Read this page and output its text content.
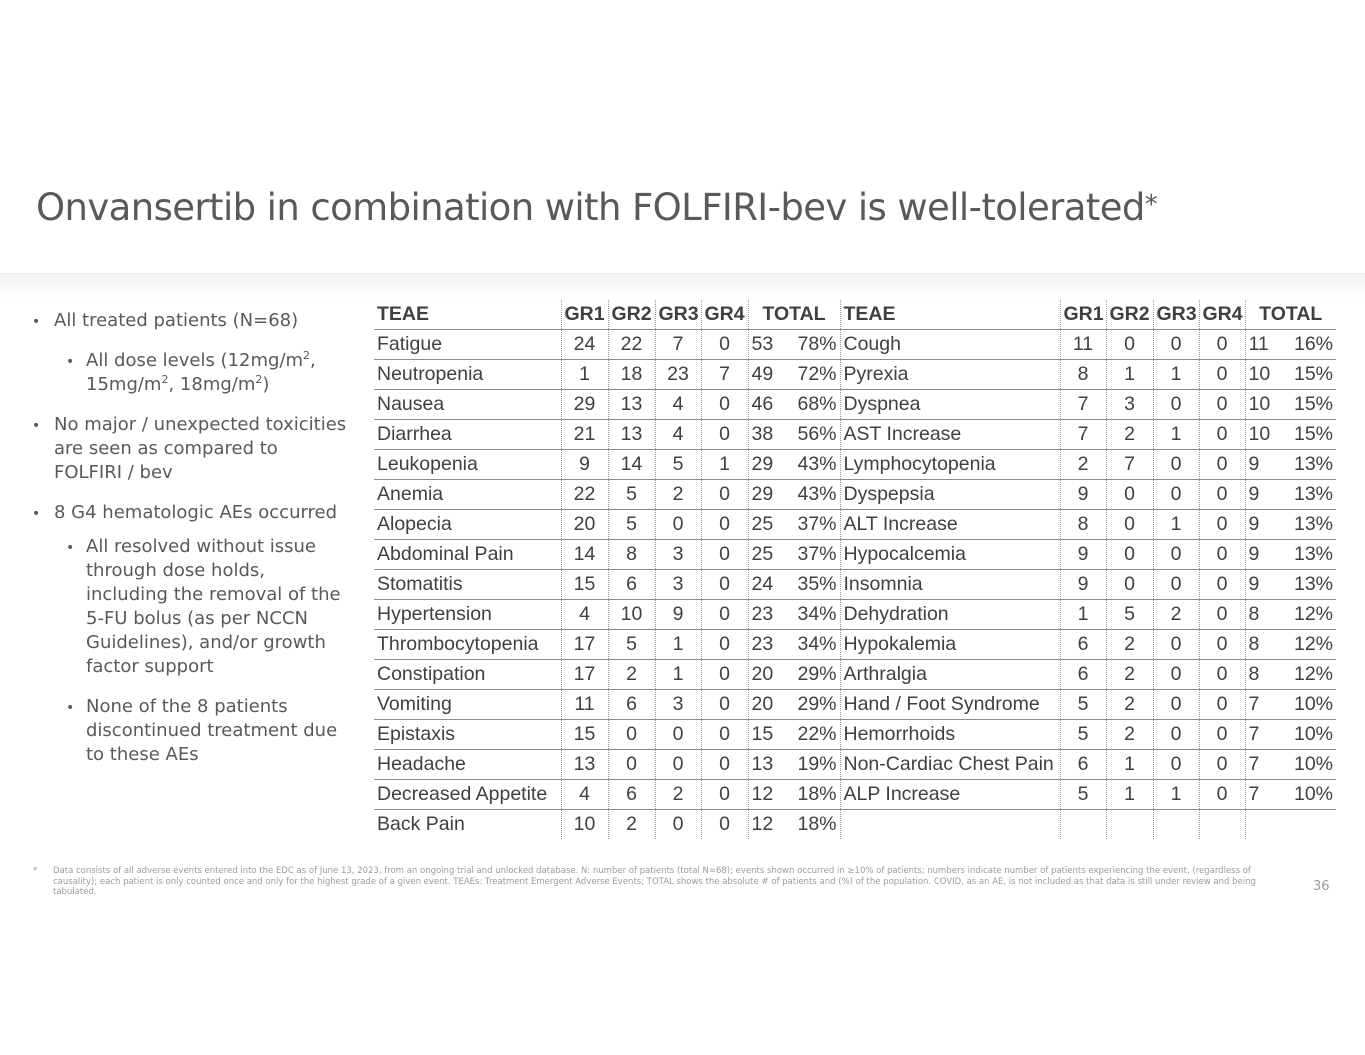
Onvansertib in combination with FOLFIRI-bev is well-tolerated*
• All treated patients (N=68)
• All dose levels ($12mg/m^2$, $15mg/m^2$, $18mg/m^2$)
• No major / unexpected toxicities are seen as compared to FOLFIRI / bev
• 8 G4 hematologic AEs occurred
• All resolved without issue through dose holds, including the removal of the 5-FU bolus (as per NCCN Guidelines), and/or growth factor support
• None of the 8 patients discontinued treatment due to these AEs
TEAE	GR1	GR2	GR3	GR4	TOTAL		TEAE	GR1	GR2	GR3	GR4	TOTAL	
Fatigue	24	22	7	0	53	78%	Cough	11	0	0	0	11	16%
Neutropenia	1	18	23	7	49	72%	Pyrexia	8	1	1	0	10	15%
Nausea	29	13	4	0	46	68%	Dyspnea	7	3	0	0	10	15%
Diarrhea	21	13	4	0	38	56%	AST Increase	7	2	1	0	10	15%
Leukopenia	9	14	5	1	29	43%	Lymphocytopenia	2	7	0	0	9	13%
Anemia	22	5	2	0	29	43%	Dyspepsia	9	0	0	0	9	13%
Alopecia	20	5	0	0	25	37%	ALT Increase	8	0	1	0	9	13%
Abdominal Pain	14	8	3	0	25	37%	Hypocalcemia	9	0	0	0	9	13%
Stomatitis	15	6	3	0	24	35%	Insomnia	9	0	0	0	9	13%
Hypertension	4	10	9	0	23	34%	Dehydration	1	5	2	0	8	12%
Thrombocytopenia	17	5	1	0	23	34%	Hypokalemia	6	2	0	0	8	12%
Constipation	17	2	1	0	20	29%	Arthralgia	6	2	0	0	8	12%
Vomiting	11	6	3	0	20	29%	Hand / Foot Syndrome	5	2	0	0	7	10%
Epistaxis	15	0	0	0	15	22%	Hemorrhoids	5	2	0	0	7	10%
Headache	13	0	0	0	13	19%	Non-Cardiac Chest Pain	6	1	0	0	7	10%
Decreased Appetite	4	6	2	0	12	18%	ALP Increase	5	1	1	0	7	10%
Back Pain	10	2	0	0	12	18%							
* Data consists of all adverse events entered into the EDC as of June 13, 2023, from an ongoing trial and unlocked database. N: number of patients (total N=68); events shown occurred in ≥10% of patients; numbers indicate number of patients experiencing the event, (regardless of causality); each patient is only counted once and only for the highest grade of a given event. TEAEs: Treatment Emergent Adverse Events; TOTAL shows the absolute # of patients and (%) of the population. COVID, as an AE, is not included as that data is still under review and being tabulated.	36
